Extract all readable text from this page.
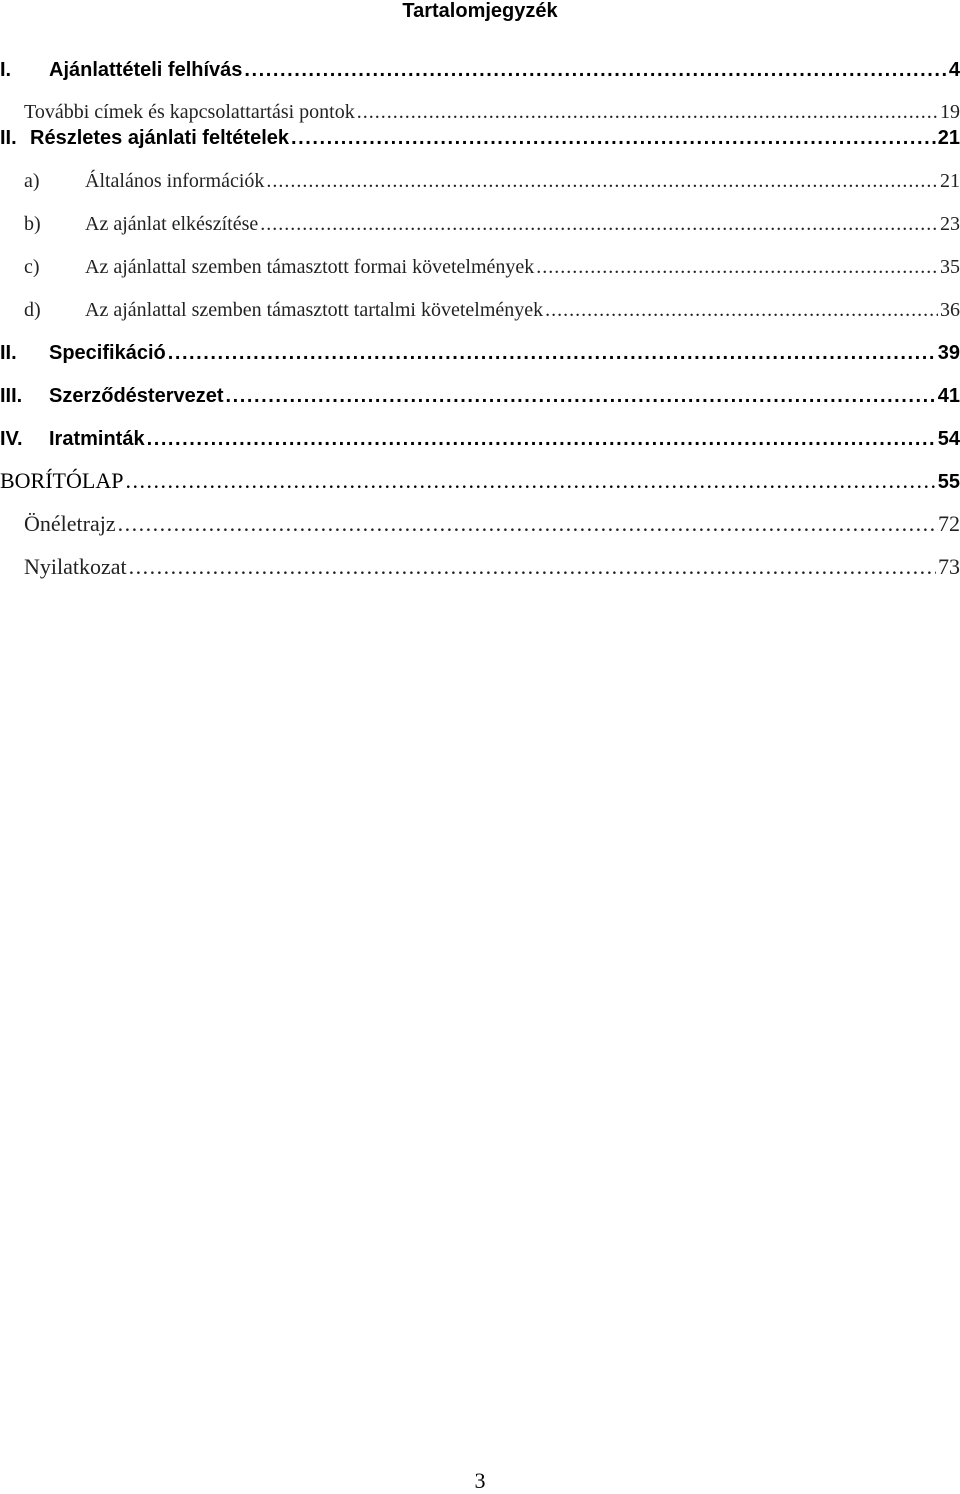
Tartalomjegyzék
I.	Ajánlattételi felhívás . . .	4
További címek és kapcsolattartási pontok . . .	19
II. Részletes ajánlati feltételek . . .	21
a)	Általános információk . . .	21
b)	Az ajánlat elkészítése . . .	23
c)	Az ajánlattal szemben támasztott formai követelmények . . .	35
d)	Az ajánlattal szemben támasztott tartalmi követelmények . . .	36
II.	Specifikáció . . .	39
III.	Szerződéstervezet . . .	41
IV.	Iratminták . . .	54
BORÍTÓLAP . . .	55
Önéletrajz . . .	72
Nyilatkozat . . .	73
3
